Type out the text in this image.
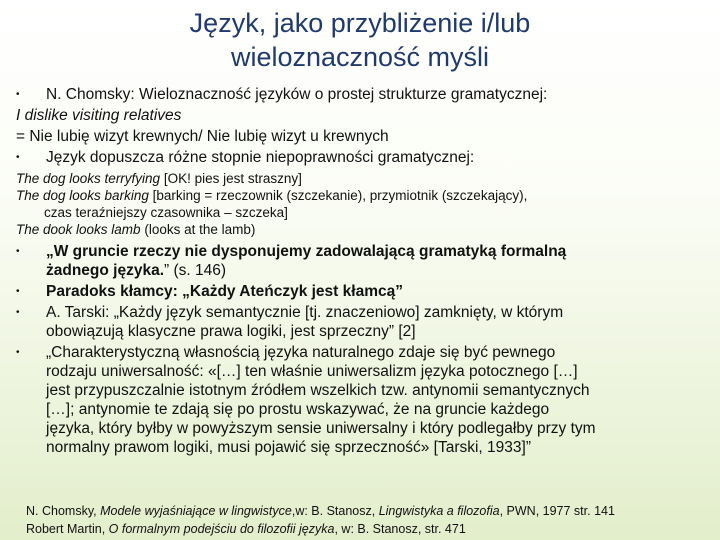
Język, jako przybliżenie i/lub
wieloznaczność myśli
•	N. Chomsky: Wieloznaczność języków o prostej strukturze gramatycznej:
I dislike visiting relatives
= Nie lubię wizyt krewnych/ Nie lubię wizyt u krewnych
•	Język dopuszcza różne stopnie niepoprawności gramatycznej:
The dog looks terryfying [OK! pies jest straszny]
The dog looks barking [barking = rzeczownik (szczekanie), przymiotnik (szczekający),
czas teraźniejszy czasownika – szczeka]
The dook looks lamb (looks at the lamb)
•	„W gruncie rzeczy nie dysponujemy zadowalającą gramatyką formalną
żadnego języka.” (s. 146)
•	Paradoks kłamcy: „Każdy Ateńczyk jest kłamcą”
•	A. Tarski: „Każdy język semantycznie [tj. znaczeniowo] zamknięty, w którym
obowiązują klasyczne prawa logiki, jest sprzeczny” [2]
•	„Charakterystyczną własnością języka naturalnego zdaje się być pewnego
rodzaju uniwersalność: «[…] ten właśnie uniwersalizm języka potocznego […]
jest przypuszczalnie istotnym źródłem wszelkich tzw. antynomii semantycznych
[…]; antynomie te zdają się po prostu wskazywać, że na gruncie każdego
języka, który byłby w powyższym sensie uniwersalny i który podlegałby przy tym
normalny prawom logiki, musi pojawić się sprzeczność» [Tarski, 1933]”
N. Chomsky, Modele wyjaśniające w lingwistyce,w: B. Stanosz, Lingwistyka a filozofia, PWN, 1977 str. 141
Robert Martin, O formalnym podejściu do filozofii języka, w: B. Stanosz, str. 471
